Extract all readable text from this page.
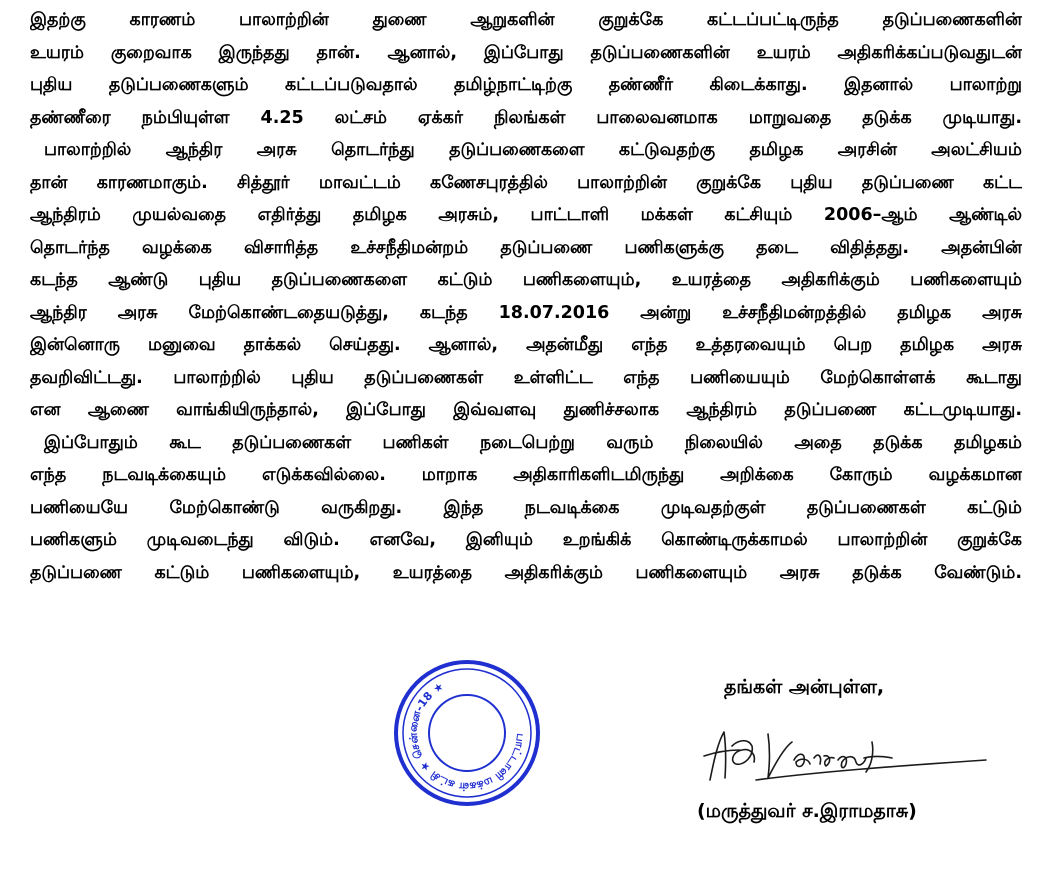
இதற்கு காரணம் பாலாற்றின் துணை ஆறுகளின் குறுக்கே கட்டப்பட்டிருந்த தடுப்பணைகளின்
உயரம் குறைவாக இருந்தது தான். ஆனால், இப்போது தடுப்பணைகளின் உயரம் அதிகரிக்கப்படுவதுடன்
புதிய தடுப்பணைகளும் கட்டப்படுவதால் தமிழ்நாட்டிற்கு தண்ணீர் கிடைக்காது. இதனால் பாலாற்று
தண்ணீரை நம்பியுள்ள 4.25 லட்சம் ஏக்கர் நிலங்கள் பாலைவனமாக மாறுவதை தடுக்க முடியாது.
பாலாற்றில் ஆந்திர அரசு தொடர்ந்து தடுப்பணைகளை கட்டுவதற்கு தமிழக அரசின் அலட்சியம்
தான் காரணமாகும். சித்தூர் மாவட்டம் கணேசபுரத்தில் பாலாற்றின் குறுக்கே புதிய தடுப்பணை கட்ட
ஆந்திரம் முயல்வதை எதிர்த்து தமிழக அரசும், பாட்டாளி மக்கள் கட்சியும் 2006–ஆம் ஆண்டில்
தொடர்ந்த வழக்கை விசாரித்த உச்சநீதிமன்றம் தடுப்பணை பணிகளுக்கு தடை விதித்தது. அதன்பின்
கடந்த ஆண்டு புதிய தடுப்பணைகளை கட்டும் பணிகளையும், உயரத்தை அதிகரிக்கும் பணிகளையும்
ஆந்திர அரசு மேற்கொண்டதையடுத்து, கடந்த 18.07.2016 அன்று உச்சநீதிமன்றத்தில் தமிழக அரசு
இன்னொரு மனுவை தாக்கல் செய்தது. ஆனால், அதன்மீது எந்த உத்தரவையும் பெற தமிழக அரசு
தவறிவிட்டது. பாலாற்றில் புதிய தடுப்பணைகள் உள்ளிட்ட எந்த பணியையும் மேற்கொள்ளக் கூடாது
என ஆணை வாங்கியிருந்தால், இப்போது இவ்வளவு துணிச்சலாக ஆந்திரம் தடுப்பணை கட்டமுடியாது.
இப்போதும் கூட தடுப்பணைகள் பணிகள் நடைபெற்று வரும் நிலையில் அதை தடுக்க தமிழகம்
எந்த நடவடிக்கையும் எடுக்கவில்லை. மாறாக அதிகாரிகளிடமிருந்து அறிக்கை கோரும் வழக்கமான
பணியையே மேற்கொண்டு வருகிறது. இந்த நடவடிக்கை முடிவதற்குள் தடுப்பணைகள் கட்டும்
பணிகளும் முடிவடைந்து விடும். எனவே, இனியும் உறங்கிக் கொண்டிருக்காமல் பாலாற்றின் குறுக்கே
தடுப்பணை கட்டும் பணிகளையும், உயரத்தை அதிகரிக்கும் பணிகளையும் அரசு தடுக்க வேண்டும்.
பாட்டாளி மக்கள் கட்சி ★ சென்னை-18 ★	தங்கள் அன்புள்ள,
(மருத்துவர் ச.இராமதாசு)
